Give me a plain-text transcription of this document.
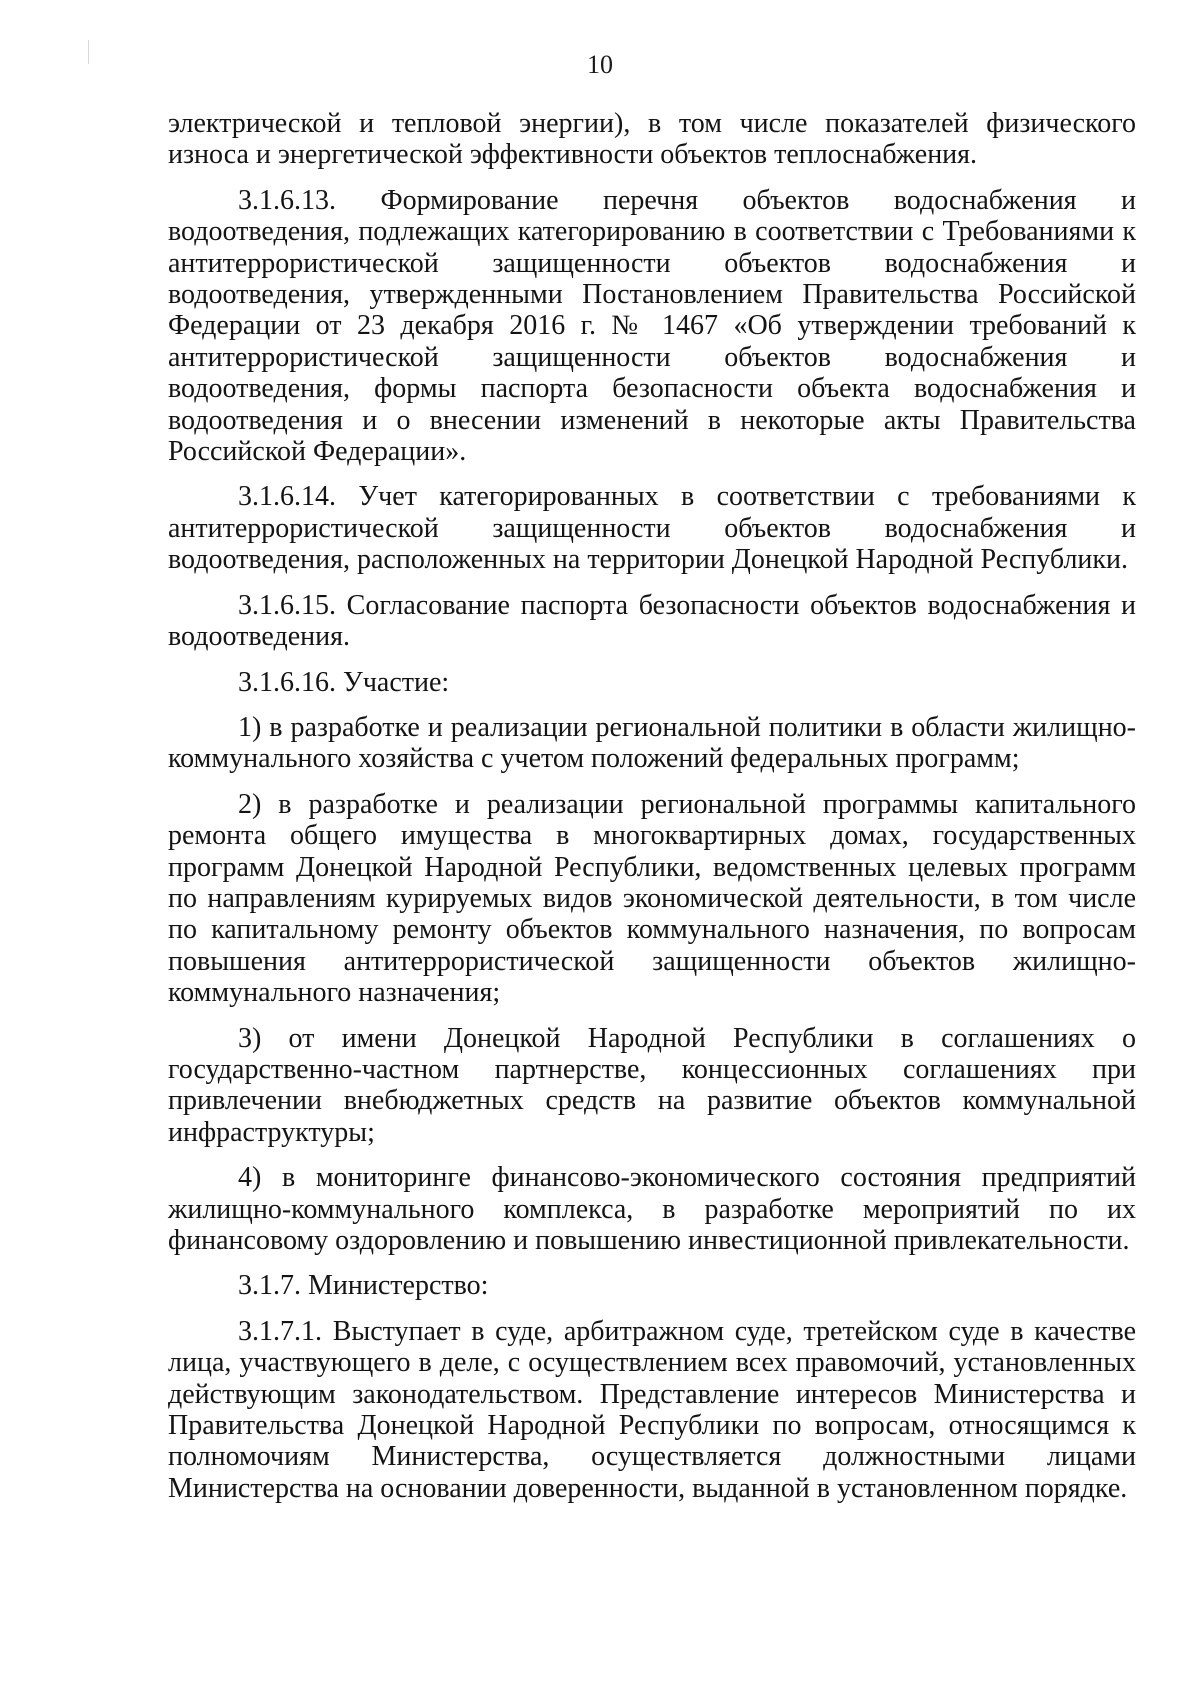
10

электрической и тепловой энергии), в том числе показателей физического износа и энергетической эффективности объектов теплоснабжения.

3.1.6.13. Формирование перечня объектов водоснабжения и водоотведения, подлежащих категорированию в соответствии с Требованиями к антитеррористической защищенности объектов водоснабжения и водоотведения, утвержденными Постановлением Правительства Российской Федерации от 23 декабря 2016 г. № 1467 «Об утверждении требований к антитеррористической защищенности объектов водоснабжения и водоотведения, формы паспорта безопасности объекта водоснабжения и водоотведения и о внесении изменений в некоторые акты Правительства Российской Федерации».

3.1.6.14. Учет категорированных в соответствии с требованиями к антитеррористической защищенности объектов водоснабжения и водоотведения, расположенных на территории Донецкой Народной Республики.

3.1.6.15. Согласование паспорта безопасности объектов водоснабжения и водоотведения.

3.1.6.16. Участие:

1) в разработке и реализации региональной политики в области жилищно-коммунального хозяйства с учетом положений федеральных программ;

2) в разработке и реализации региональной программы капитального ремонта общего имущества в многоквартирных домах, государственных программ Донецкой Народной Республики, ведомственных целевых программ по направлениям курируемых видов экономической деятельности, в том числе по капитальному ремонту объектов коммунального назначения, по вопросам повышения антитеррористической защищенности объектов жилищно-коммунального назначения;

3) от имени Донецкой Народной Республики в соглашениях о государственно-частном партнерстве, концессионных соглашениях при привлечении внебюджетных средств на развитие объектов коммунальной инфраструктуры;

4) в мониторинге финансово-экономического состояния предприятий жилищно-коммунального комплекса, в разработке мероприятий по их финансовому оздоровлению и повышению инвестиционной привлекательности.

3.1.7. Министерство:

3.1.7.1. Выступает в суде, арбитражном суде, третейском суде в качестве лица, участвующего в деле, с осуществлением всех правомочий, установленных действующим законодательством. Представление интересов Министерства и Правительства Донецкой Народной Республики по вопросам, относящимся к полномочиям Министерства, осуществляется должностными лицами Министерства на основании доверенности, выданной в установленном порядке.
